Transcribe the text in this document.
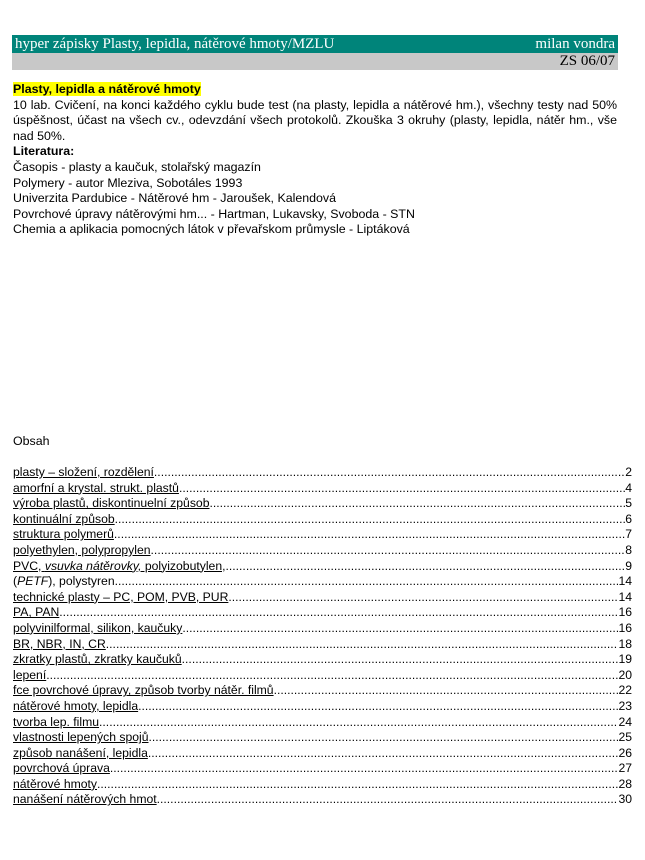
hyper zápisky Plasty, lepidla, nátěrové hmoty/MZLU	milan vondra
ZS 06/07

Plasty, lepidla a nátěrové hmoty

10 lab. Cvičení, na konci každého cyklu bude test (na plasty, lepidla a nátěrové hm.), všechny testy nad 50% úspěšnost, účast na všech cv., odevzdání všech protokolů. Zkouška 3 okruhy (plasty, lepidla, nátěr hm., vše nad 50%.

Literatura:

Časopis - plasty a kaučuk, stolařský magazín

Polymery - autor Mleziva, Sobotáles 1993

Univerzita Pardubice - Nátěrové hm - Jaroušek, Kalendová

Povrchové úpravy nátěrovými hm... - Hartman, Lukavsky, Svoboda - STN

Chemia a aplikacia pomocných látok v převařskom průmysle - Liptáková

Obsah
plasty – složení, rozdělení .....	2
amorfní a krystal. strukt. plastů .....	4
výroba plastů, diskontinuelní způsob .....	5
kontinuální způsob .....	6
struktura polymerů .....	7
polyethylen, polypropylen .....	8
PVC, vsuvka nátěrovky, polyizobutylen, .....	9
(PETF), polystyren .....	14
technické plasty – PC, POM, PVB, PUR .....	14
PA, PAN .....	16
polyvinilformal, silikon, kaučuky .....	16
BR, NBR, IN, CR .....	18
zkratky plastů, zkratky kaučuků .....	19
lepení .....	20
fce povrchové úpravy, způsob tvorby nátěr. filmů .....	22
nátěrové hmoty, lepidla .....	23
tvorba lep. filmu .....	24
vlastnosti lepených spojů .....	25
způsob nanášení, lepidla .....	26
povrchová úprava .....	27
nátěrové hmoty .....	28
nanášení nátěrových hmot .....	30
